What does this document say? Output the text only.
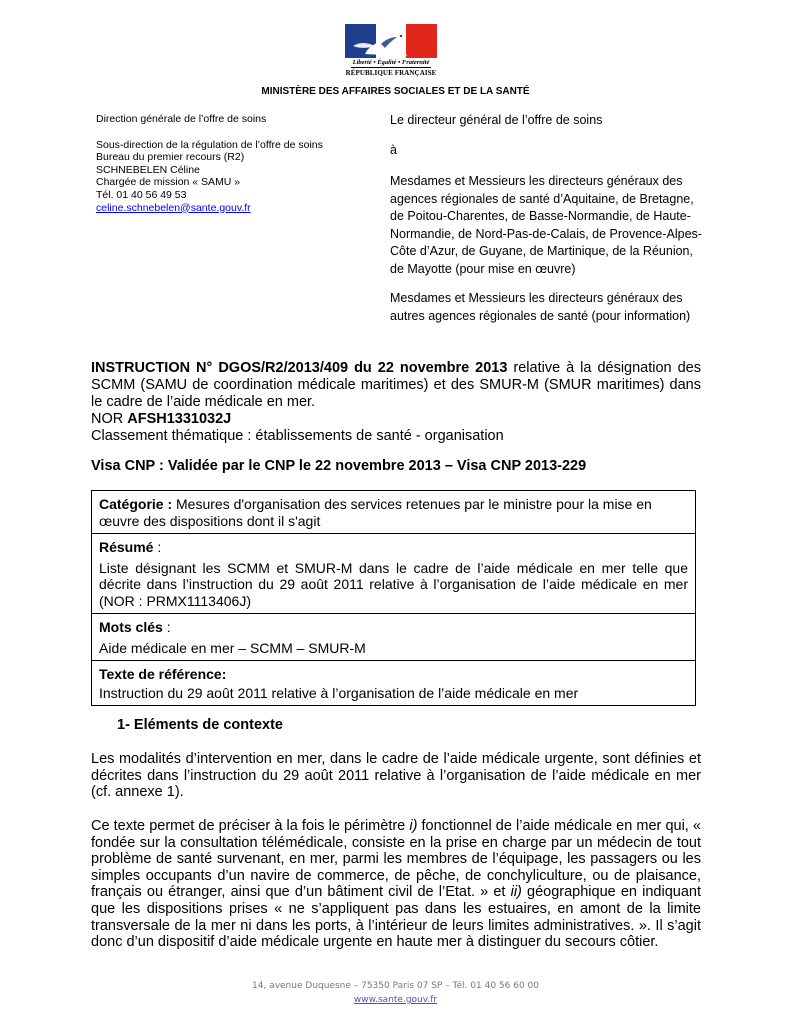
Liberté • Égalité • Fraternité
RÉPUBLIQUE FRANÇAISE
MINISTÈRE DES AFFAIRES SOCIALES ET DE LA SANTÉ
Direction générale de l’offre de soins
Sous-direction de la régulation de l’offre de soins
Bureau du premier recours (R2)
SCHNEBELEN Céline
Chargée de mission « SAMU »
Tél. 01 40 56 49 53
celine.schnebelen@sante.gouv.fr

Le directeur général de l’offre de soins

à

Mesdames et Messieurs les directeurs généraux des agences régionales de santé d’Aquitaine, de Bretagne, de Poitou-Charentes, de Basse-Normandie, de Haute-Normandie, de Nord-Pas-de-Calais, de Provence-Alpes-Côte d’Azur, de Guyane, de Martinique, de la Réunion, de Mayotte (pour mise en œuvre)

Mesdames et Messieurs les directeurs généraux des autres agences régionales de santé (pour information)

INSTRUCTION N° DGOS/R2/2013/409 du 22 novembre 2013 relative à la désignation des SCMM (SAMU de coordination médicale maritimes) et des SMUR-M (SMUR maritimes) dans le cadre de l’aide médicale en mer.

NOR AFSH1331032J

Classement thématique : établissements de santé - organisation

Visa CNP : Validée par le CNP le 22 novembre 2013 – Visa CNP 2013-229
Catégorie : Mesures d'organisation des services retenues par le ministre pour la mise en œuvre des dispositions dont il s'agit
Résumé :
Liste désignant les SCMM et SMUR-M dans le cadre de l’aide médicale en mer telle que décrite dans l’instruction du 29 août 2011 relative à l’organisation de l’aide médicale en mer (NOR : PRMX1113406J)

Mots clés :
Aide médicale en mer – SCMM – SMUR-M

Texte de référence:
Instruction du 29 août 2011 relative à l’organisation de l’aide médicale en mer
1- Eléments de contexte
Les modalités d’intervention en mer, dans le cadre de l’aide médicale urgente, sont définies et décrites dans l’instruction du 29 août 2011 relative à l’organisation de l’aide médicale en mer (cf. annexe 1).
Ce texte permet de préciser à la fois le périmètre i) fonctionnel de l’aide médicale en mer qui, « fondée sur la consultation télémédicale, consiste en la prise en charge par un médecin de tout problème de santé survenant, en mer, parmi les membres de l’équipage, les passagers ou les simples occupants d’un navire de commerce, de pêche, de conchyliculture, ou de plaisance, français ou étranger, ainsi que d’un bâtiment civil de l’Etat. » et ii) géographique en indiquant que les dispositions prises « ne s’appliquent pas dans les estuaires, en amont de la limite transversale de la mer ni dans les ports, à l’intérieur de leurs limites administratives. ». Il s’agit donc d’un dispositif d’aide médicale urgente en haute mer à distinguer du secours côtier.
14, avenue Duquesne – 75350 Paris 07 SP – Tél. 01 40 56 60 00
www.sante.gouv.fr
